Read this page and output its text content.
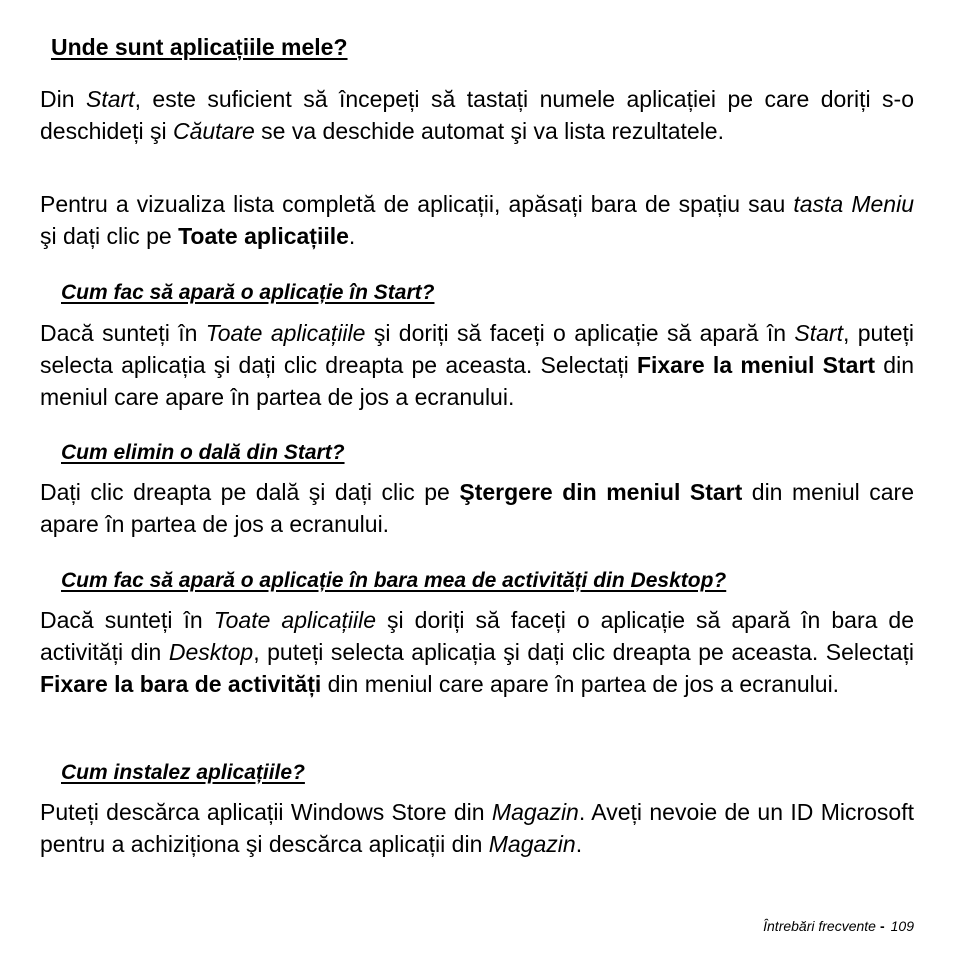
Unde sunt aplicațiile mele?

Din Start, este suficient să începeți să tastați numele aplicației pe care doriți s-o deschideți şi Căutare se va deschide automat şi va lista rezultatele.

Pentru a vizualiza lista completă de aplicații, apăsați bara de spațiu sau tasta Meniu şi dați clic pe Toate aplicațiile.

Cum fac să apară o aplicație în Start?

Dacă sunteți în Toate aplicațiile şi doriți să faceți o aplicație să apară în Start, puteți selecta aplicația şi dați clic dreapta pe aceasta. Selectați Fixare la meniul Start din meniul care apare în partea de jos a ecranului.

Cum elimin o dală din Start?

Dați clic dreapta pe dală şi dați clic pe Ştergere din meniul Start din meniul care apare în partea de jos a ecranului.

Cum fac să apară o aplicație în bara mea de activități din Desktop?

Dacă sunteți în Toate aplicațiile şi doriți să faceți o aplicație să apară în bara de activități din Desktop, puteți selecta aplicația şi dați clic dreapta pe aceasta. Selectați Fixare la bara de activități din meniul care apare în partea de jos a ecranului.

Cum instalez aplicațiile?

Puteți descărca aplicații Windows Store din Magazin. Aveți nevoie de un ID Microsoft pentru a achiziționa şi descărca aplicații din Magazin.

Întrebări frecvente - 109
